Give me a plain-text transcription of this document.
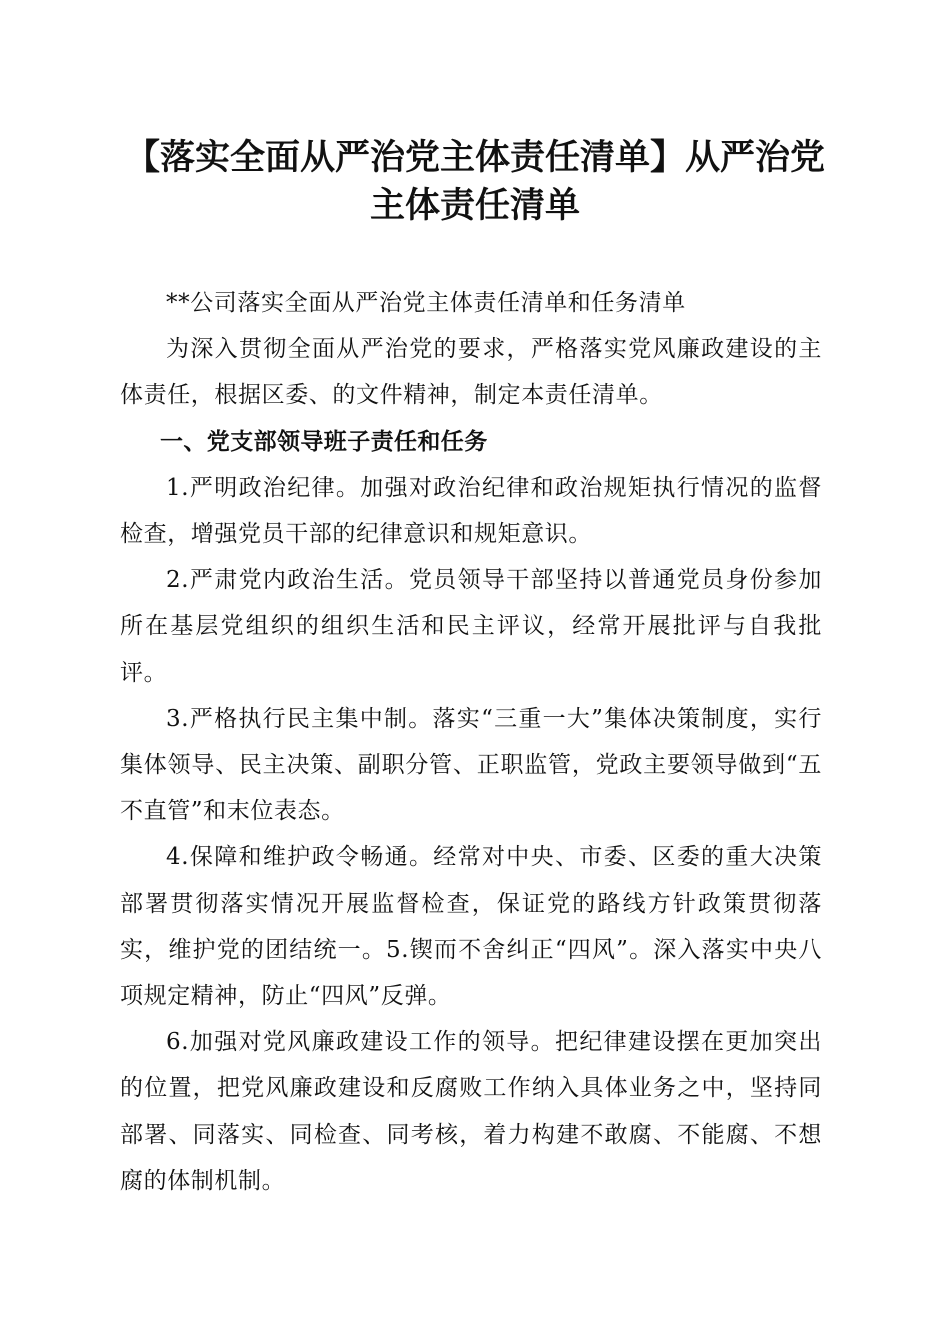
【落实全面从严治党主体责任清单】从严治党
主体责任清单

**公司落实全面从严治党主体责任清单和任务清单

为深入贯彻全面从严治党的要求，严格落实党风廉政建设的主体责任，根据区委、的文件精神，制定本责任清单。

一、党支部领导班子责任和任务

1.严明政治纪律。加强对政治纪律和政治规矩执行情况的监督检查，增强党员干部的纪律意识和规矩意识。

2.严肃党内政治生活。党员领导干部坚持以普通党员身份参加所在基层党组织的组织生活和民主评议，经常开展批评与自我批评。

3.严格执行民主集中制。落实“三重一大”集体决策制度，实行集体领导、民主决策、副职分管、正职监管，党政主要领导做到“五不直管”和末位表态。

4.保障和维护政令畅通。经常对中央、市委、区委的重大决策部署贯彻落实情况开展监督检查，保证党的路线方针政策贯彻落实，维护党的团结统一。5.锲而不舍纠正“四风”。深入落实中央八项规定精神，防止“四风”反弹。

6.加强对党风廉政建设工作的领导。把纪律建设摆在更加突出的位置，把党风廉政建设和反腐败工作纳入具体业务之中，坚持同部署、同落实、同检查、同考核，着力构建不敢腐、不能腐、不想腐的体制机制。
